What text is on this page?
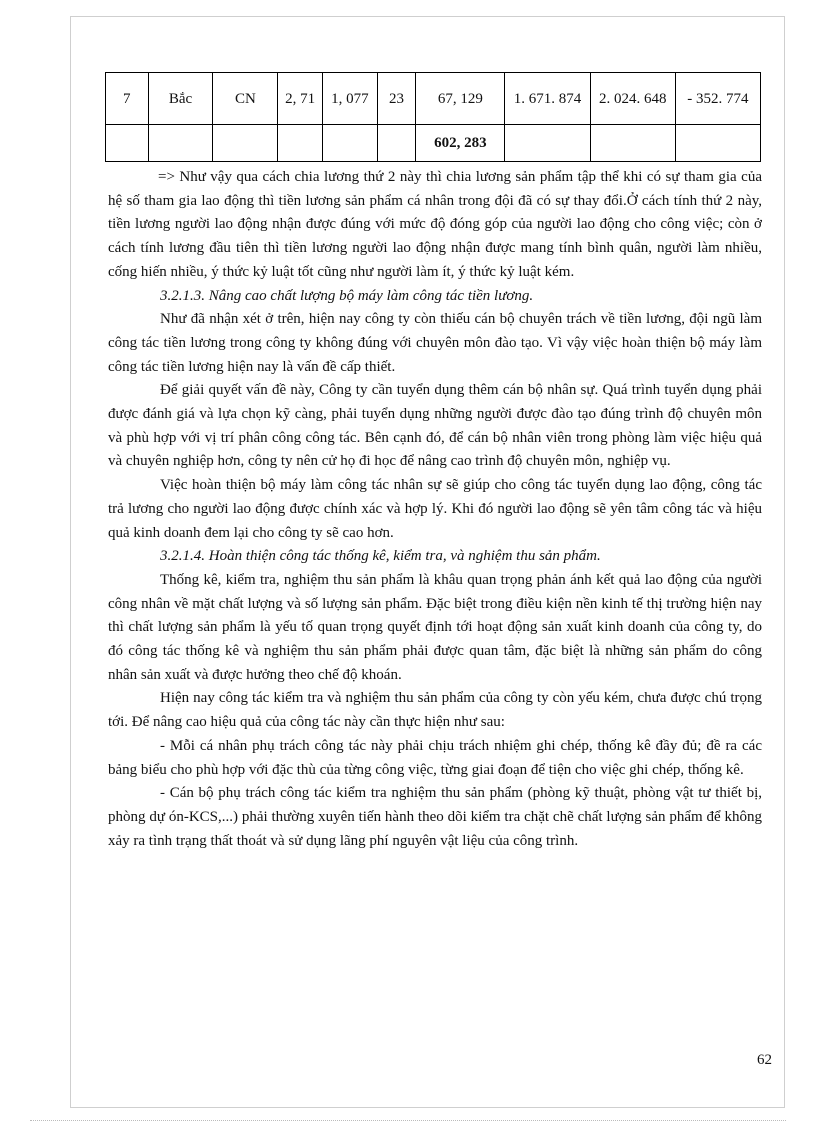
7	Bắc	CN	2, 71	1, 077	23	67, 129	1. 671. 874	2. 024. 648	- 352. 774
						602, 283			

=> Như vậy qua cách chia lương thứ 2 này thì chia lương sản phẩm tập thể khi có sự tham gia của hệ số tham gia lao động thì tiền lương sản phẩm cá nhân trong đội đã có sự thay đổi.Ở cách tính thứ 2 này, tiền lương người lao động nhận được đúng với mức độ đóng góp của người lao động cho công việc; còn ở cách tính lương đầu tiên thì tiền lương người lao động nhận được mang tính bình quân, người làm nhiều, cống hiến nhiều, ý thức kỷ luật tốt cũng như người làm ít, ý thức kỷ luật kém.

3.2.1.3. Nâng cao chất lượng bộ máy làm công tác tiền lương.

Như đã nhận xét ở trên, hiện nay công ty còn thiếu cán bộ chuyên trách về tiền lương, đội ngũ làm công tác tiền lương trong công ty không đúng với chuyên môn đào tạo. Vì vậy việc hoàn thiện bộ máy làm công tác tiền lương hiện nay là vấn đề cấp thiết.

Để giải quyết vấn đề này, Công ty cần tuyển dụng thêm cán bộ nhân sự. Quá trình tuyển dụng phải được đánh giá và lựa chọn kỹ càng, phải tuyển dụng những người được đào tạo đúng trình độ chuyên môn và phù hợp với vị trí phân công công tác. Bên cạnh đó, để cán bộ nhân viên trong phòng làm việc hiệu quả và chuyên nghiệp hơn, công ty nên cử họ đi học để nâng cao trình độ chuyên môn, nghiệp vụ.

Việc hoàn thiện bộ máy làm công tác nhân sự sẽ giúp cho công tác tuyển dụng lao động, công tác trả lương cho người lao động được chính xác và hợp lý. Khi đó người lao động sẽ yên tâm công tác và hiệu quả kinh doanh đem lại cho công ty sẽ cao hơn.

3.2.1.4. Hoàn thiện công tác thống kê, kiểm tra, và nghiệm thu sản phẩm.

Thống kê, kiểm tra, nghiệm thu sản phẩm là khâu quan trọng phản ánh kết quả lao động của người công nhân về mặt chất lượng và số lượng sản phẩm. Đặc biệt trong điều kiện nền kinh tế thị trường hiện nay thì chất lượng sản phẩm là yếu tố quan trọng quyết định tới hoạt động sản xuất kinh doanh của công ty, do đó công tác thống kê và nghiệm thu sản phẩm phải được quan tâm, đặc biệt là những sản phẩm do công nhân sản xuất và được hưởng theo chế độ khoán.

Hiện nay công tác kiểm tra và nghiệm thu sản phẩm của công ty còn yếu kém, chưa được chú trọng tới. Để nâng cao hiệu quả của công tác này cần thực hiện như sau:

- Mỗi cá nhân phụ trách công tác này phải chịu trách nhiệm ghi chép, thống kê đầy đủ; đề ra các bảng biểu cho phù hợp với đặc thù của từng công việc, từng giai đoạn để tiện cho việc ghi chép, thống kê.

- Cán bộ phụ trách công tác kiểm tra nghiệm thu sản phẩm (phòng kỹ thuật, phòng vật tư thiết bị, phòng dự ón-KCS,...) phải thường xuyên tiến hành theo dõi kiểm tra chặt chẽ chất lượng sản phẩm để không xảy ra tình trạng thất thoát và sử dụng lãng phí nguyên vật liệu của công trình.

62
